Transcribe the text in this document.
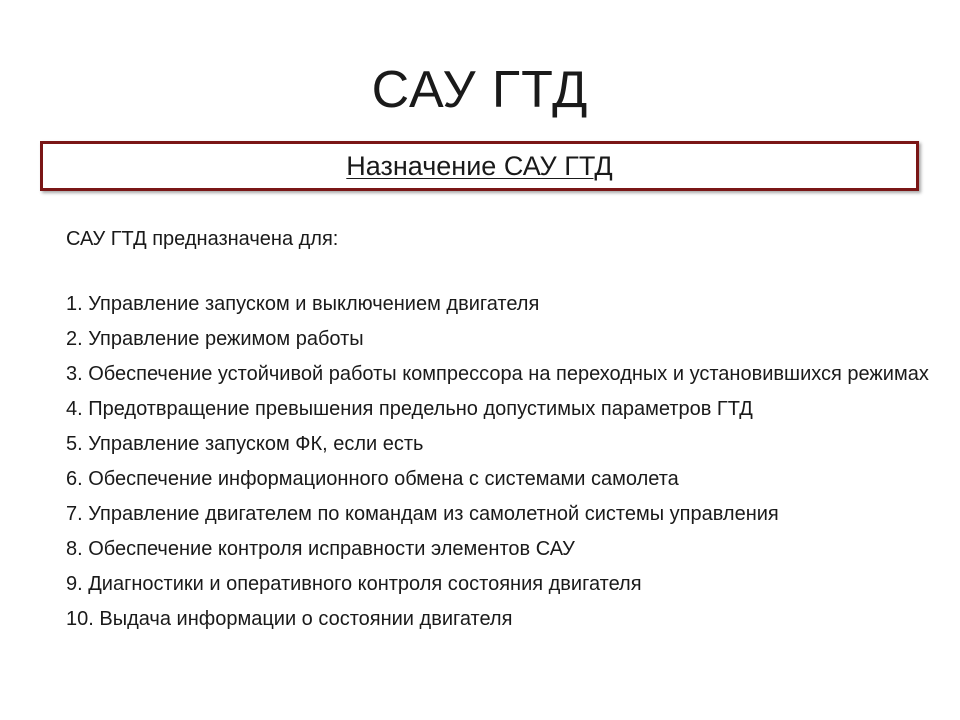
САУ ГТД
Назначение САУ ГТД

САУ ГТД предназначена для:

1. Управление запуском и выключением двигателя
2. Управление режимом работы
3. Обеспечение устойчивой работы компрессора на переходных и установившихся режимах
4. Предотвращение превышения предельно допустимых параметров ГТД
5. Управление запуском ФК, если есть
6. Обеспечение информационного обмена с системами самолета
7. Управление двигателем по командам из самолетной системы управления
8. Обеспечение контроля исправности элементов САУ
9. Диагностики и оперативного контроля состояния двигателя
10. Выдача информации о состоянии двигателя
